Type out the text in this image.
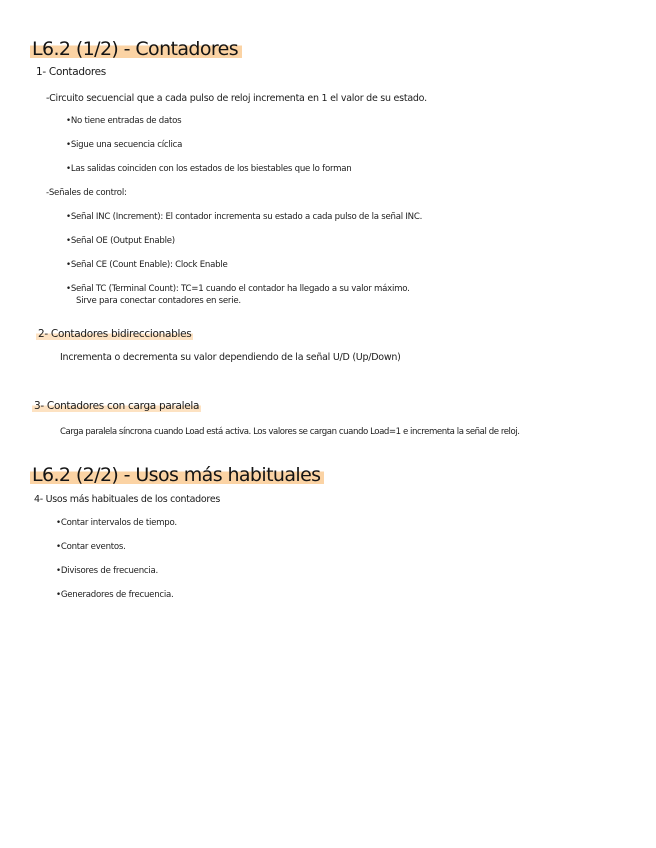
L6.2 (1/2) - Contadores
1- Contadores
-Circuito secuencial que a cada pulso de reloj incrementa en 1 el valor de su estado.
•No tiene entradas de datos
•Sigue una secuencia cíclica
•Las salidas coinciden con los estados de los biestables que lo forman
-Señales de control:
•Señal INC (Increment): El contador incrementa su estado a cada pulso de la señal INC.
•Señal OE (Output Enable)
•Señal CE (Count Enable): Clock Enable
•Señal TC (Terminal Count): TC=1 cuando el contador ha llegado a su valor máximo.
Sirve para conectar contadores en serie.
2- Contadores bidireccionables
Incrementa o decrementa su valor dependiendo de la señal U/D (Up/Down)
3- Contadores con carga paralela
Carga paralela síncrona cuando Load está activa. Los valores se cargan cuando Load=1 e incrementa la señal de reloj.
L6.2 (2/2) - Usos más habituales
4- Usos más habituales de los contadores
•Contar intervalos de tiempo.
•Contar eventos.
•Divisores de frecuencia.
•Generadores de frecuencia.
